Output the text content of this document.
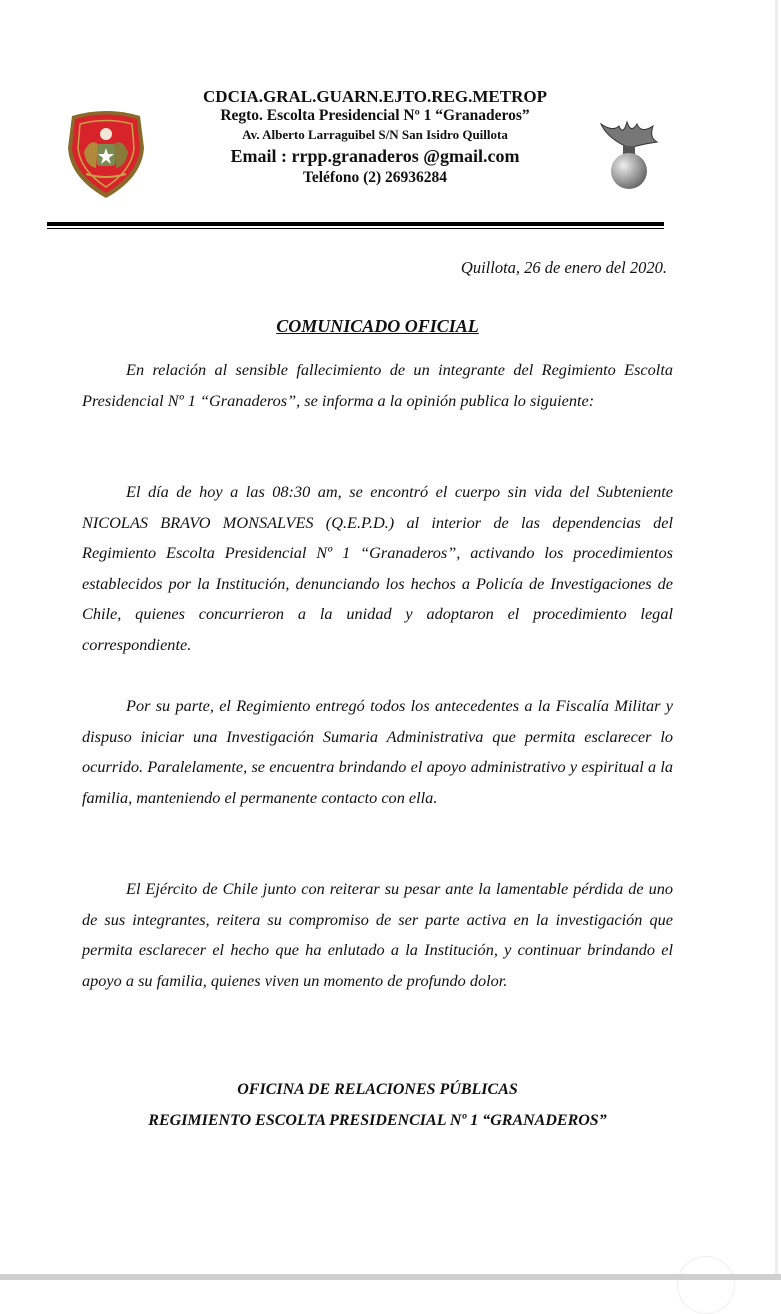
CDCIA.GRAL.GUARN.EJTO.REG.METROP
Regto. Escolta Presidencial Nº 1 “Granaderos”
Av. Alberto Larraguibel S/N San Isidro Quillota
Email : rrpp.granaderos @gmail.com
Teléfono (2) 26936284
Quillota, 26 de enero del 2020.
COMUNICADO OFICIAL

En relación al sensible fallecimiento de un integrante del Regimiento Escolta Presidencial Nº 1 “Granaderos”, se informa a la opinión publica lo siguiente:

El día de hoy a las 08:30 am, se encontró el cuerpo sin vida del Subteniente NICOLAS BRAVO MONSALVES (Q.E.P.D.) al interior de las dependencias del Regimiento Escolta Presidencial Nº 1 “Granaderos”, activando los procedimientos establecidos por la Institución, denunciando los hechos a Policía de Investigaciones de Chile, quienes concurrieron a la unidad y adoptaron el procedimiento legal correspondiente.

Por su parte, el Regimiento entregó todos los antecedentes a la Fiscalía Militar y dispuso iniciar una Investigación Sumaria Administrativa que permita esclarecer lo ocurrido. Paralelamente, se encuentra brindando el apoyo administrativo y espiritual a la familia, manteniendo el permanente contacto con ella.

El Ejército de Chile junto con reiterar su pesar ante la lamentable pérdida de uno de sus integrantes, reitera su compromiso de ser parte activa en la investigación que permita esclarecer el hecho que ha enlutado a la Institución, y continuar brindando el apoyo a su familia, quienes viven un momento de profundo dolor.

OFICINA DE RELACIONES PÚBLICAS
REGIMIENTO ESCOLTA PRESIDENCIAL Nº 1 “GRANADEROS”
